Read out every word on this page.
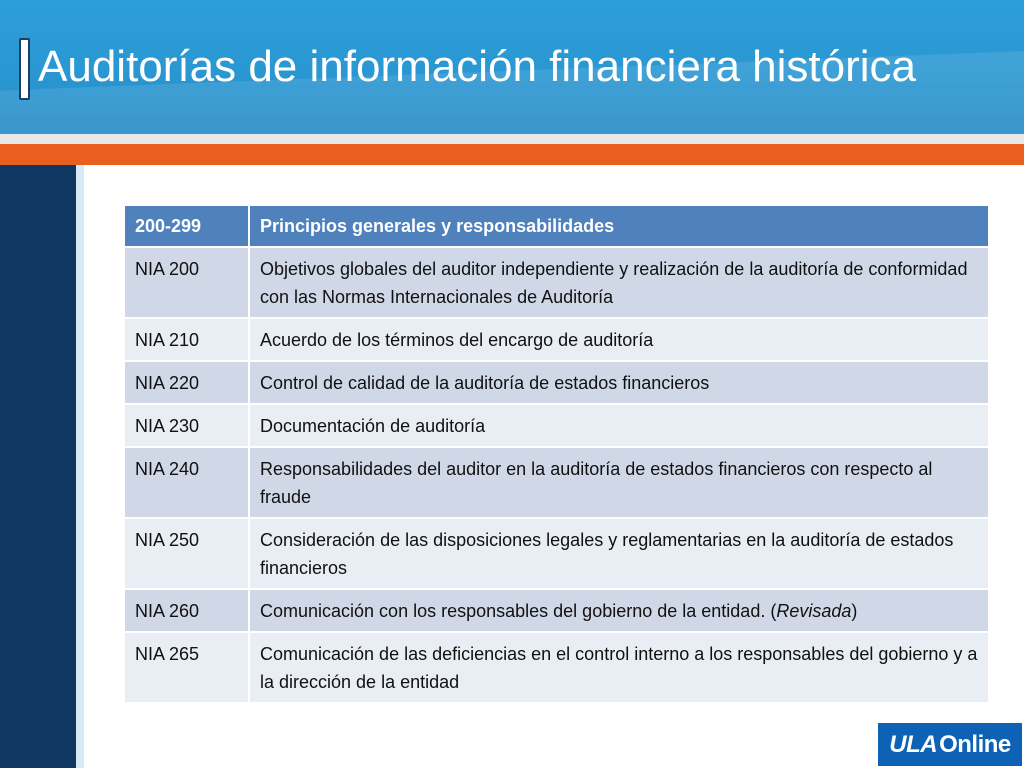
Auditorías de información financiera histórica
200-299	Principios generales y responsabilidades
NIA 200	Objetivos globales del auditor independiente y realización de la auditoría de conformidad con las Normas Internacionales de Auditoría
NIA 210	Acuerdo de los términos del encargo de auditoría
NIA 220	Control de calidad de la auditoría de estados financieros
NIA 230	Documentación de auditoría
NIA 240	Responsabilidades del auditor en la auditoría de estados financieros con respecto al fraude
NIA 250	Consideración de las disposiciones legales y reglamentarias en la auditoría de estados financieros
NIA 260	Comunicación con los responsables del gobierno de la entidad. (Revisada)
NIA 265	Comunicación de las deficiencias en el control interno a los responsables del gobierno y a la dirección de la entidad
ULAOnline
